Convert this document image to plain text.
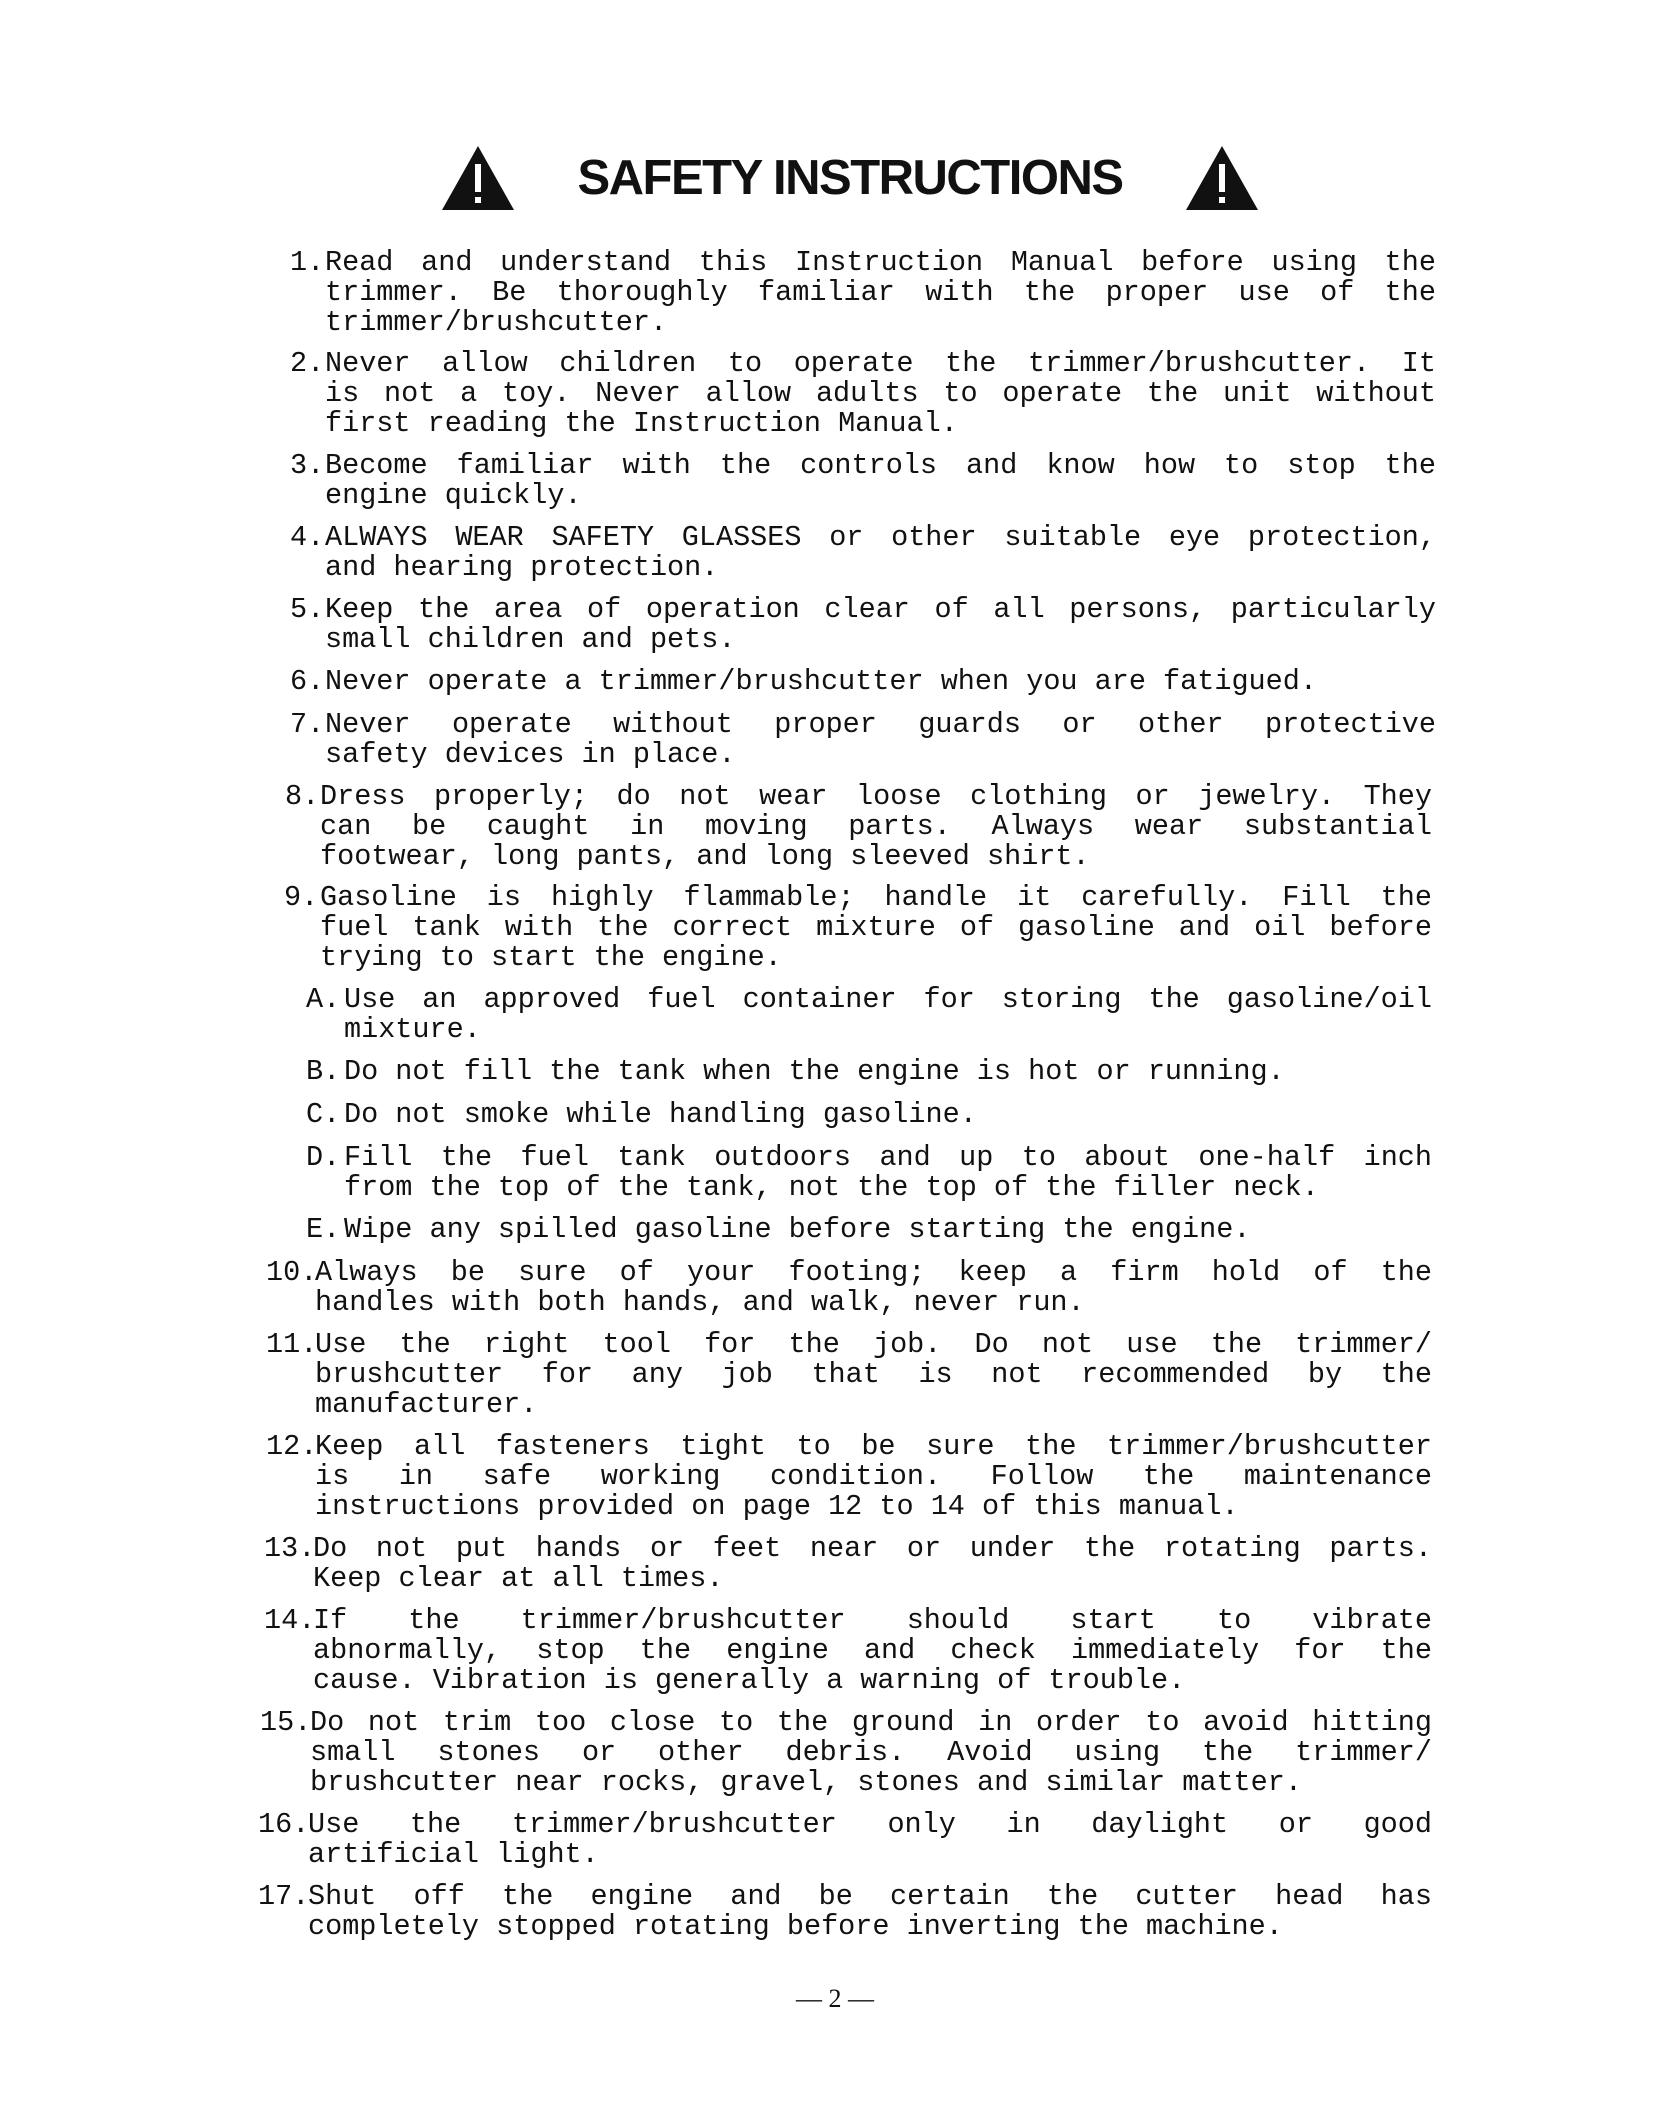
SAFETY INSTRUCTIONS
1. Read and understand this Instruction Manual before using the
trimmer. Be thoroughly familiar with the proper use of the
trimmer/brushcutter.
2. Never allow children to operate the trimmer/brushcutter. It
is not a toy. Never allow adults to operate the unit without
first reading the Instruction Manual.
3. Become familiar with the controls and know how to stop the
engine quickly.
4. ALWAYS WEAR SAFETY GLASSES or other suitable eye protection,
and hearing protection.
5. Keep the area of operation clear of all persons, particularly
small children and pets.
6. Never operate a trimmer/brushcutter when you are fatigued.
7. Never operate without proper guards or other protective
safety devices in place.
8. Dress properly; do not wear loose clothing or jewelry. They
can be caught in moving parts. Always wear substantial
footwear, long pants, and long sleeved shirt.
9. Gasoline is highly flammable; handle it carefully. Fill the
fuel tank with the correct mixture of gasoline and oil before
trying to start the engine.
A. Use an approved fuel container for storing the gasoline/oil
mixture.
B. Do not fill the tank when the engine is hot or running.
C. Do not smoke while handling gasoline.
D. Fill the fuel tank outdoors and up to about one-half inch
from the top of the tank, not the top of the filler neck.
E. Wipe any spilled gasoline before starting the engine.
10.
Always be sure of your footing; keep a firm hold of the
handles with both hands, and walk, never run.
11.
Use the right tool for the job. Do not use the trimmer/
brushcutter for any job that is not recommended by the
manufacturer.
12.
Keep all fasteners tight to be sure the trimmer/brushcutter
is in safe working condition. Follow the maintenance
instructions provided on page 12 to 14 of this manual.
13.
Do not put hands or feet near or under the rotating parts.
Keep clear at all times.
14.
If the trimmer/brushcutter should start to vibrate
abnormally, stop the engine and check immediately for the
cause. Vibration is generally a warning of trouble.
15.
Do not trim too close to the ground in order to avoid hitting
small stones or other debris. Avoid using the trimmer/
brushcutter near rocks, gravel, stones and similar matter.
16.
Use the trimmer/brushcutter only in daylight or good
artificial light.
17.
Shut off the engine and be certain the cutter head has
completely stopped rotating before inverting the machine.
— 2 —
